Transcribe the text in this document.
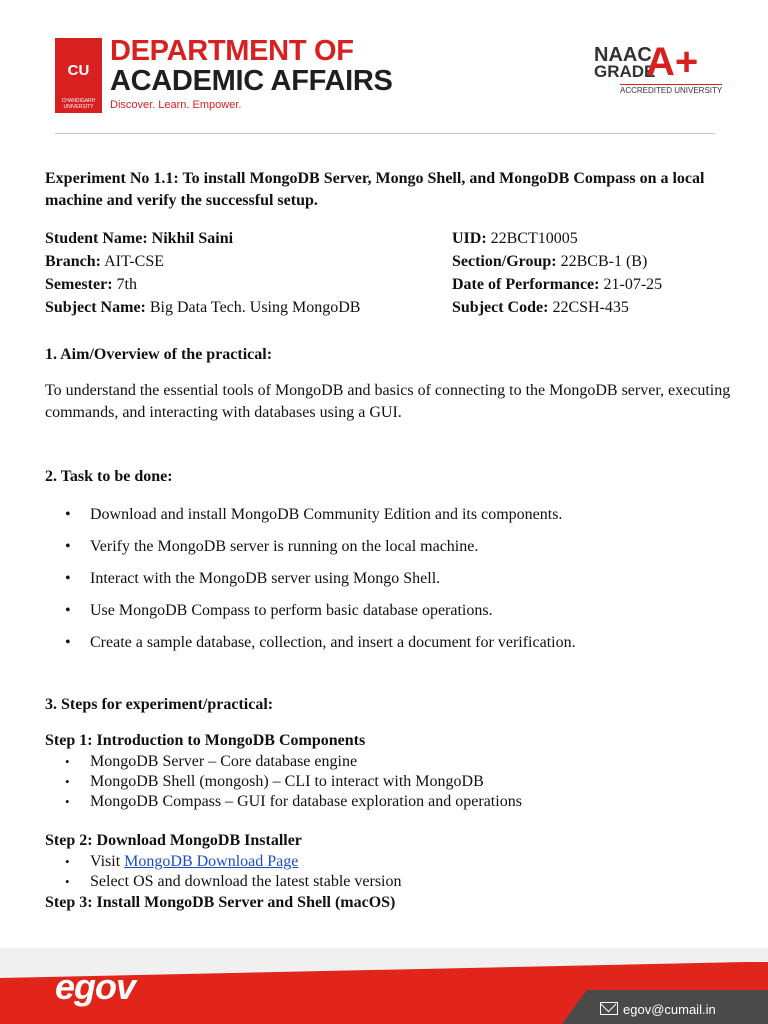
CU
CHANDIGARH UNIVERSITY
DEPARTMENT OF
ACADEMIC AFFAIRS
Discover. Learn. Empower.
NAAC
GRADE
A+
ACCREDITED UNIVERSITY

Experiment No 1.1: To install MongoDB Server, Mongo Shell, and MongoDB Compass on a local machine and verify the successful setup.

Student Name: Nikhil Saini	UID: 22BCT10005
Branch: AIT-CSE	Section/Group: 22BCB-1 (B)
Semester: 7th	Date of Performance: 21-07-25
Subject Name: Big Data Tech. Using MongoDB	Subject Code: 22CSH-435
1. Aim/Overview of the practical:

To understand the essential tools of MongoDB and basics of connecting to the MongoDB server, executing commands, and interacting with databases using a GUI.

2. Task to be done:
• Download and install MongoDB Community Edition and its components.
• Verify the MongoDB server is running on the local machine.
• Interact with the MongoDB server using Mongo Shell.
• Use MongoDB Compass to perform basic database operations.
• Create a sample database, collection, and insert a document for verification.
3. Steps for experiment/practical:
Step 1: Introduction to MongoDB Components
• MongoDB Server – Core database engine
• MongoDB Shell (mongosh) – CLI to interact with MongoDB
• MongoDB Compass – GUI for database exploration and operations
Step 2: Download MongoDB Installer
• Visit MongoDB Download Page
• Select OS and download the latest stable version
Step 3: Install MongoDB Server and Shell (macOS)
egov
egov@cumail.in
